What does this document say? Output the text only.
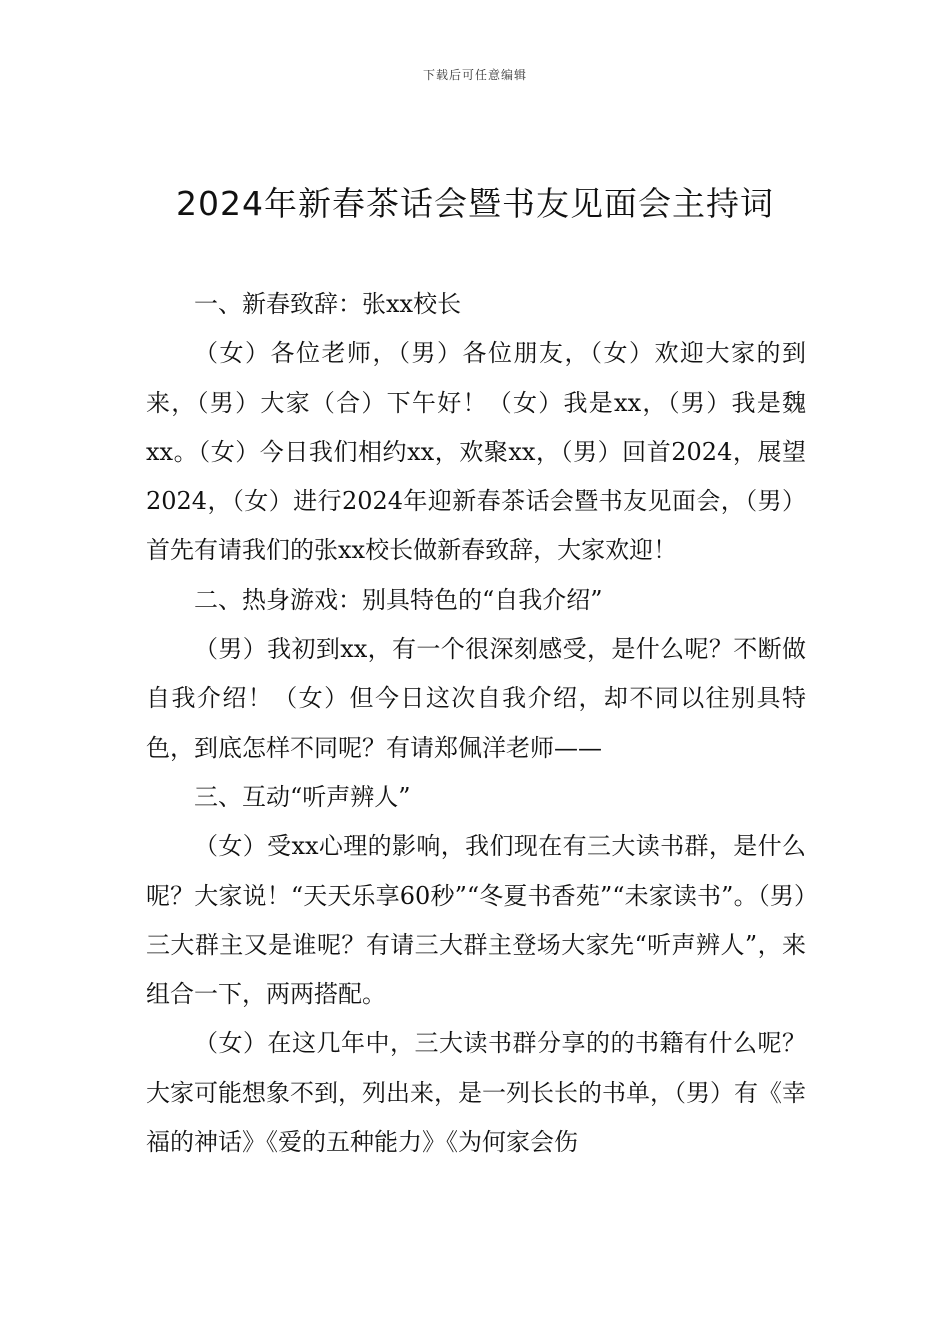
下载后可任意编辑
2024年新春茶话会暨书友见面会主持词

一、新春致辞：张xx校长

（女）各位老师，（男）各位朋友，（女）欢迎大家的到来，（男）大家（合）下午好！（女）我是xx，（男）我是魏xx。（女）今日我们相约xx，欢聚xx，（男）回首2024，展望2024，（女）进行2024年迎新春茶话会暨书友见面会，（男）首先有请我们的张xx校长做新春致辞，大家欢迎！

二、热身游戏：别具特色的“自我介绍”

（男）我初到xx，有一个很深刻感受，是什么呢？不断做自我介绍！（女）但今日这次自我介绍，却不同以往别具特色，到底怎样不同呢？有请郑佩洋老师——

三、互动“听声辨人”

（女）受xx心理的影响，我们现在有三大读书群，是什么呢？大家说！“天天乐享60秒”“冬夏书香苑”“未家读书”。（男）三大群主又是谁呢？有请三大群主登场大家先“听声辨人”，来组合一下，两两搭配。

（女）在这几年中，三大读书群分享的的书籍有什么呢？大家可能想象不到，列出来，是一列长长的书单，（男）有《幸福的神话》《爱的五种能力》《为何家会伤
